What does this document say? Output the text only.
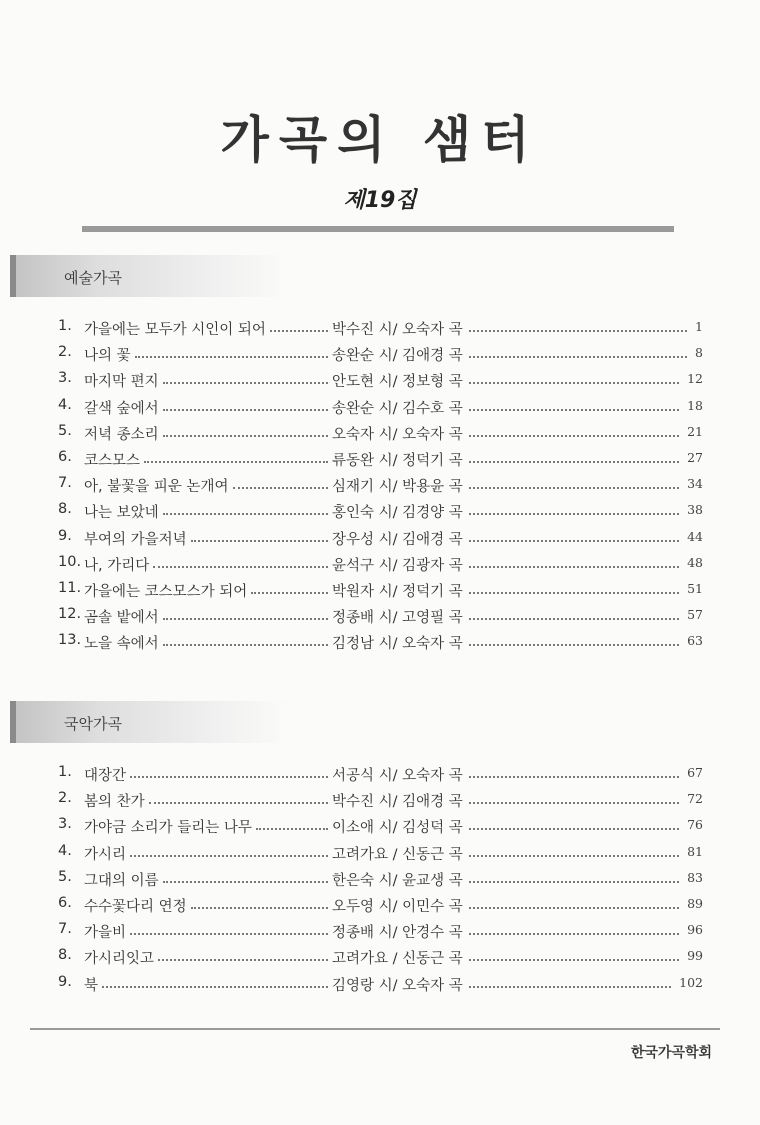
가곡의 샘터
제19집
예술가곡
1. 가을에는 모두가 시인이 되어	박수진 시/ 오숙자 곡	1
2. 나의 꽃	송완순 시/ 김애경 곡	8
3. 마지막 편지	안도현 시/ 정보형 곡	12
4. 갈색 숲에서	송완순 시/ 김수호 곡	18
5. 저녁 종소리	오숙자 시/ 오숙자 곡	21
6. 코스모스	류동완 시/ 정덕기 곡	27
7. 아, 불꽃을 피운 논개여	심재기 시/ 박용윤 곡	34
8. 나는 보았네	홍인숙 시/ 김경양 곡	38
9. 부여의 가을저녁	장우성 시/ 김애경 곡	44
10. 나, 가리다	윤석구 시/ 김광자 곡	48
11. 가을에는 코스모스가 되어	박원자 시/ 정덕기 곡	51
12. 곰솔 밭에서	정종배 시/ 고영필 곡	57
13. 노을 속에서	김정남 시/ 오숙자 곡	63
국악가곡
1. 대장간	서공식 시/ 오숙자 곡	67
2. 봄의 찬가	박수진 시/ 김애경 곡	72
3. 가야금 소리가 들리는 나무	이소애 시/ 김성덕 곡	76
4. 가시리	고려가요 / 신동근 곡	81
5. 그대의 이름	한은숙 시/ 윤교생 곡	83
6. 수수꽃다리 연정	오두영 시/ 이민수 곡	89
7. 가을비	정종배 시/ 안경수 곡	96
8. 가시리잇고	고려가요 / 신동근 곡	99
9. 북	김영랑 시/ 오숙자 곡	102
한국가곡학회
